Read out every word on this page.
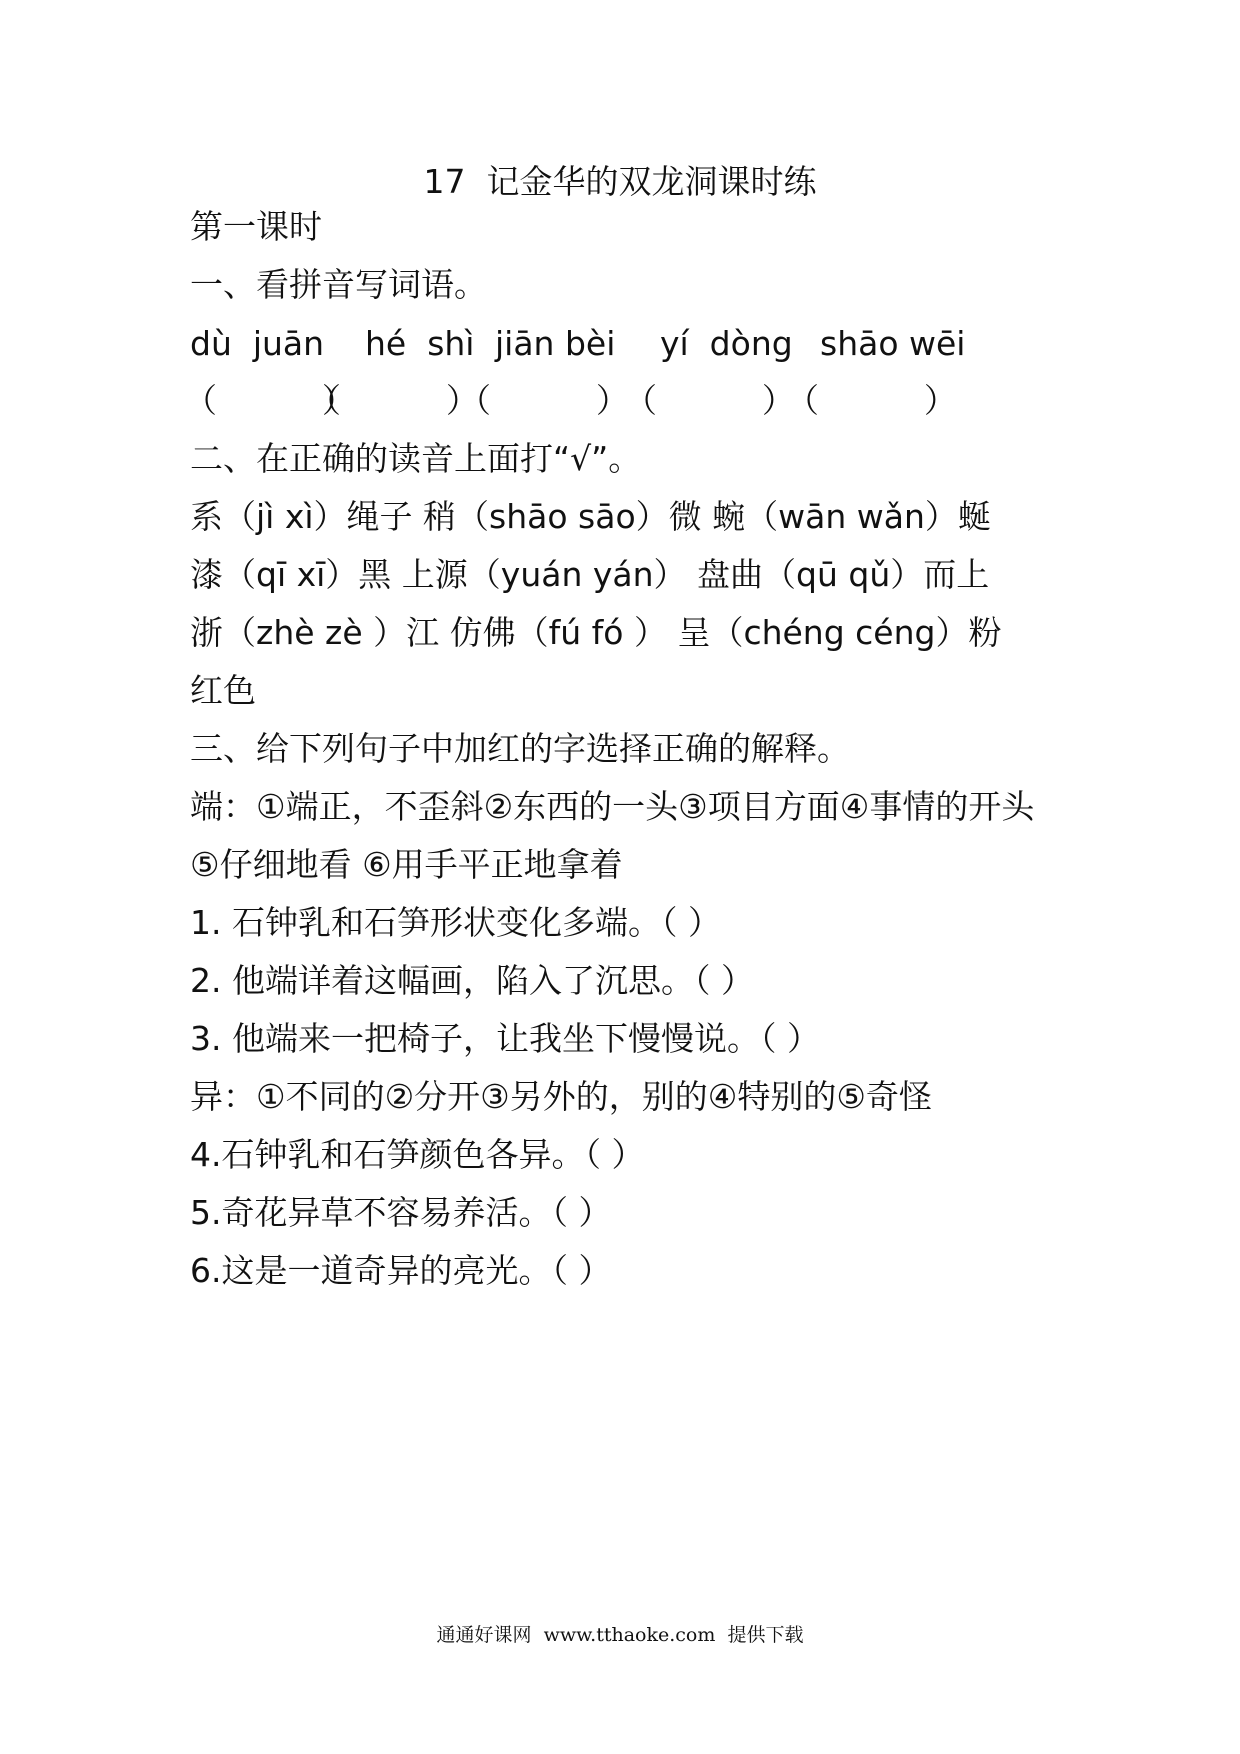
17  记金华的双龙洞课时练
第一课时
一、看拼音写词语。
dù  juān hé  shì jiān bèi yí  dòng shāo wēi
（          ）
（          ）
（          ）
（          ）
（          ）
二、在正确的读音上面打“√”。
系（jì xì）绳子 稍（shāo sāo）微 蜿（wān wǎn）蜒
漆（qī xī）黑 上源（yuán yán） 盘曲（qū qǔ）而上
浙（zhè zè ）江 仿佛（fú fó ） 呈（chéng céng）粉
红色
三、给下列句子中加红的字选择正确的解释。
端：①端正，不歪斜②东西的一头③项目方面④事情的开头
⑤仔细地看 ⑥用手平正地拿着
1. 石钟乳和石笋形状变化多端。（ ）
2. 他端详着这幅画，陷入了沉思。（ ）
3. 他端来一把椅子，让我坐下慢慢说。（ ）
异：①不同的②分开③另外的，别的④特别的⑤奇怪
4.石钟乳和石笋颜色各异。（ ）
5.奇花异草不容易养活。（ ）
6.这是一道奇异的亮光。（ ）
通通好课网  www.tthaoke.com  提供下载
